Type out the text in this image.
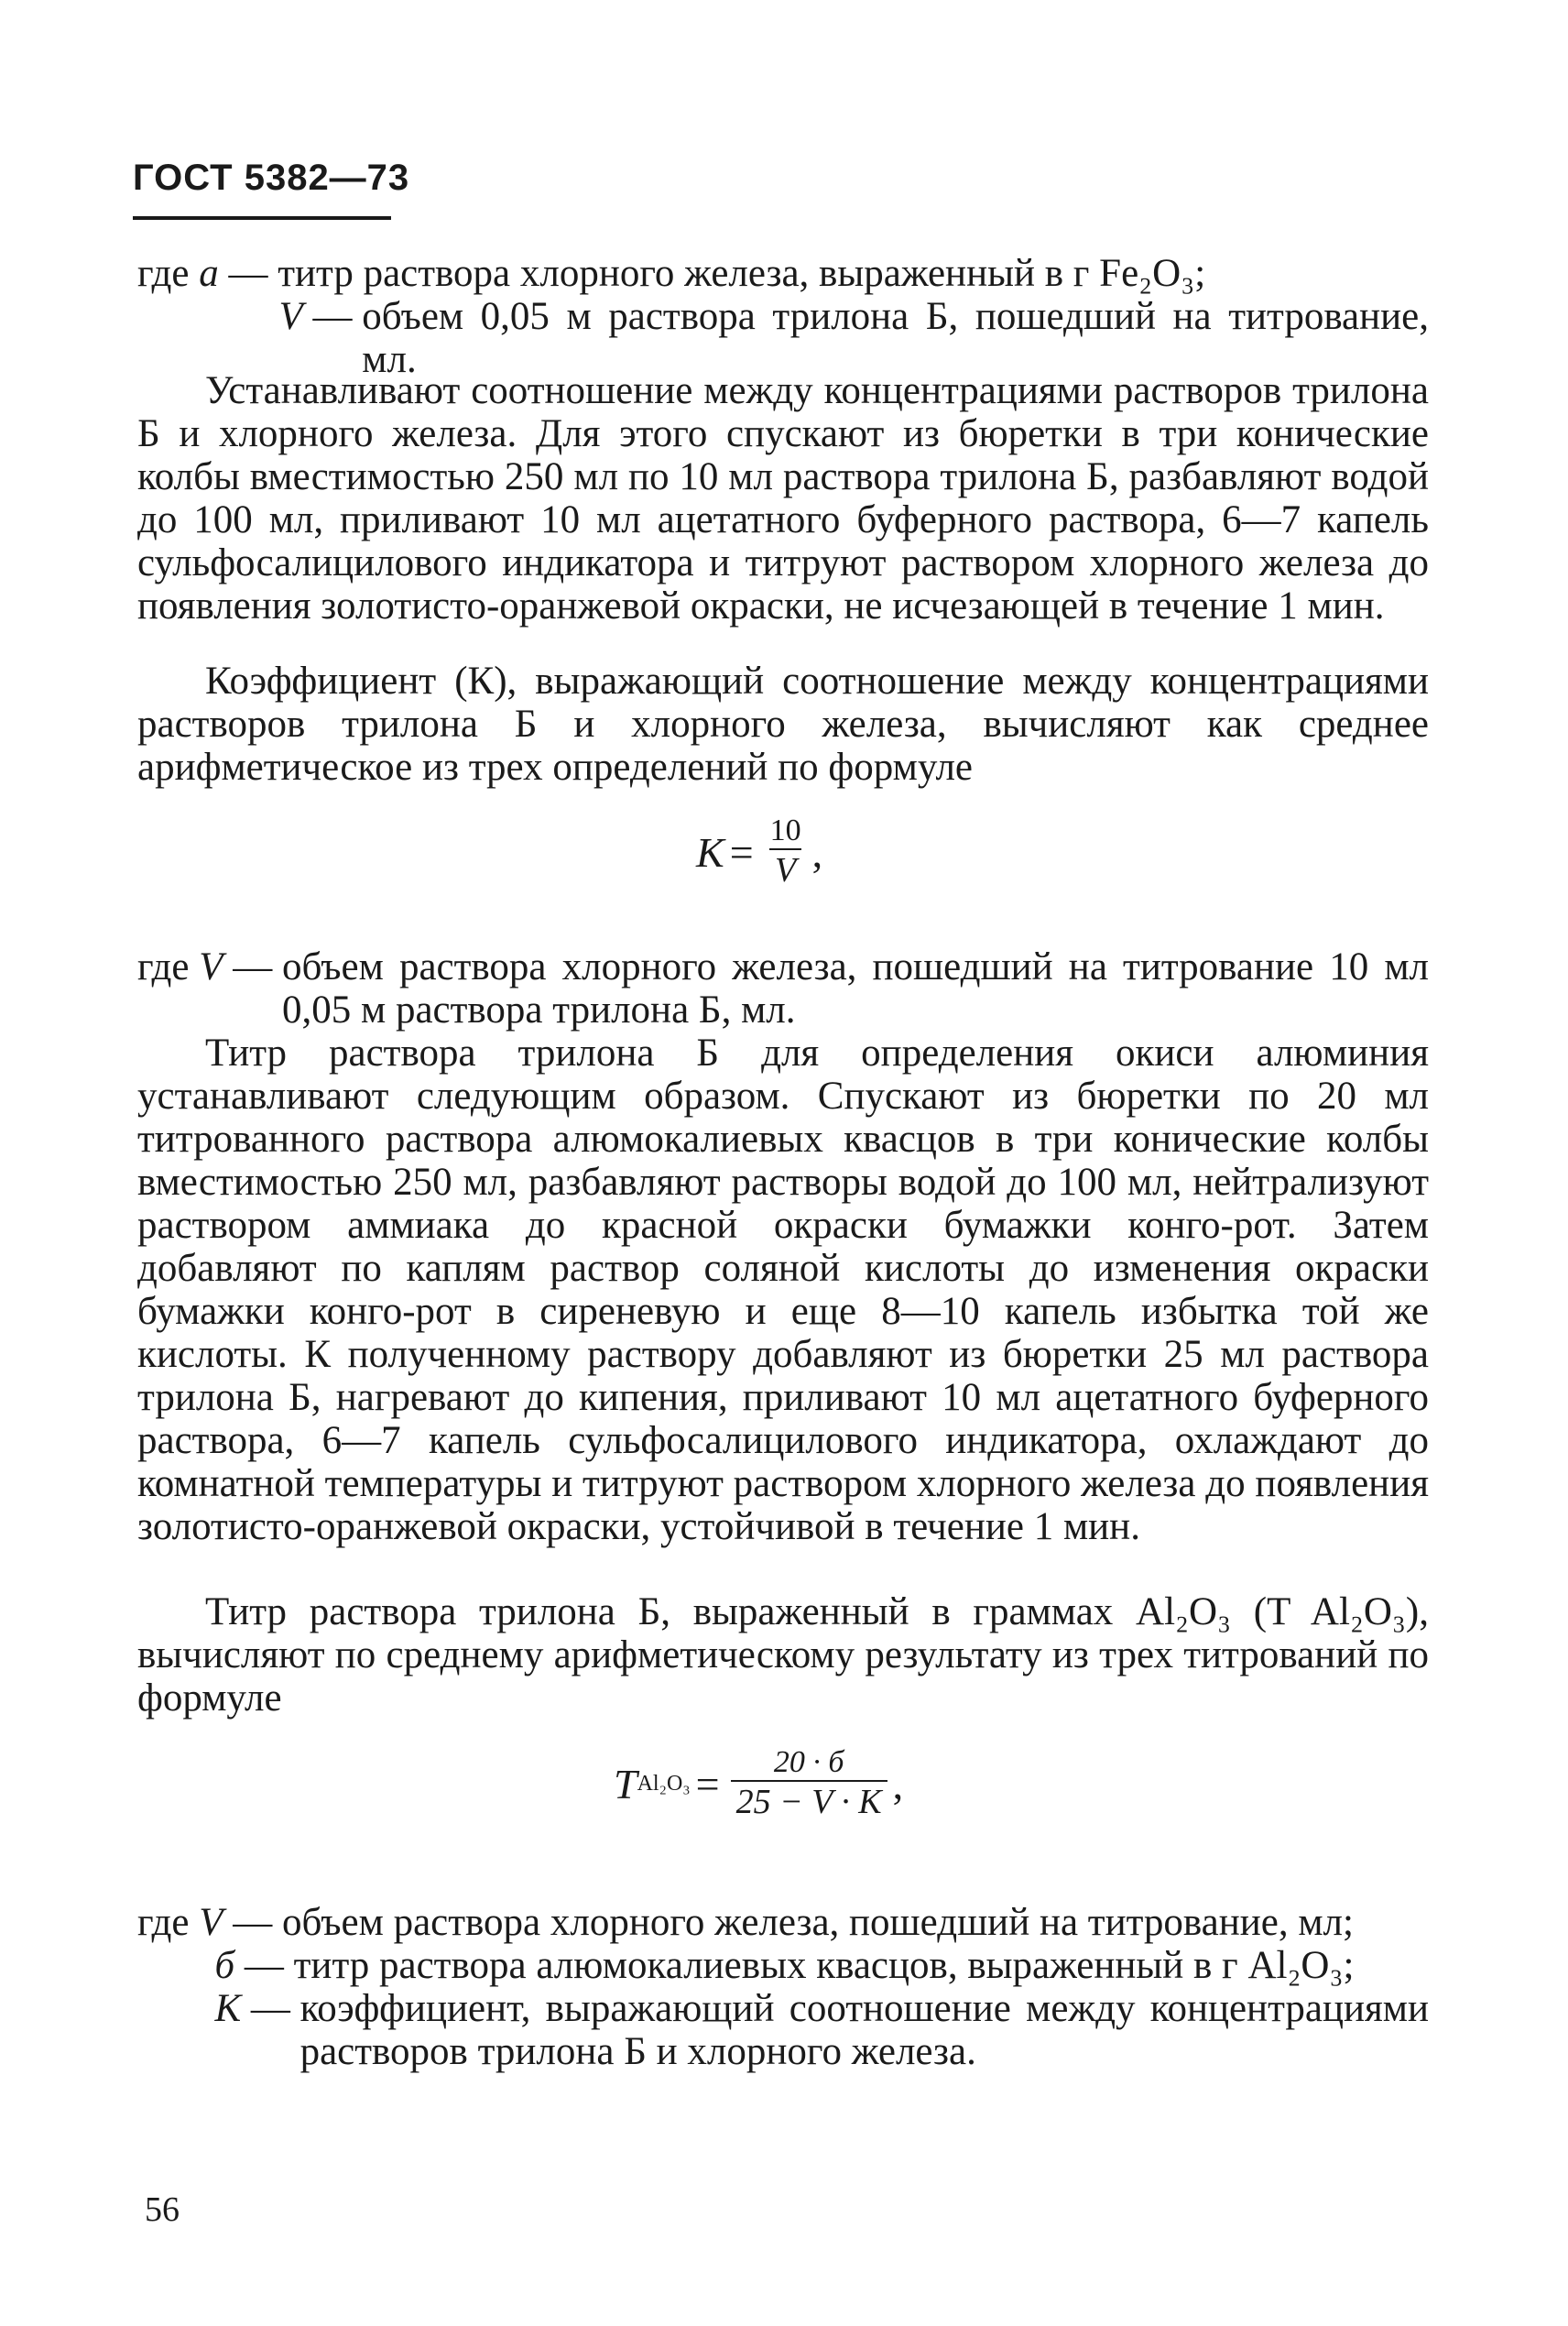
ГОСТ 5382—73
где a — титр раствора хлорного железа, выраженный в г Fe₂O₃;

V — объем 0,05 м раствора трилона Б, пошедший на титрование, мл.

Устанавливают соотношение между концентрациями растворов трилона Б и хлорного железа. Для этого спускают из бюретки в три конические колбы вместимостью 250 мл по 10 мл раствора трилона Б, разбавляют водой до 100 мл, приливают 10 мл ацетатного буферного раствора, 6—7 капель сульфосалицилового индикатора и титруют раствором хлорного железа до появления золотисто-оранжевой окраски, не исчезающей в течение 1 мин.

Коэффициент (К), выражающий соотношение между концентрациями растворов трилона Б и хлорного железа, вычисляют как среднее арифметическое из трех определений по формуле

$K = \frac{10}{V}$ ,
где V — объем раствора хлорного железа, пошедший на титрование 10 мл 0,05 м раствора трилона Б, мл.

Титр раствора трилона Б для определения окиси алюминия устанавливают следующим образом. Спускают из бюретки по 20 мл титрованного раствора алюмокалиевых квасцов в три конические колбы вместимостью 250 мл, разбавляют растворы водой до 100 мл, нейтрализуют раствором аммиака до красной окраски бумажки конго-рот. Затем добавляют по каплям раствор соляной кислоты до изменения окраски бумажки конго-рот в сиреневую и еще 8—10 капель избытка той же кислоты. К полученному раствору добавляют из бюретки 25 мл раствора трилона Б, нагревают до кипения, приливают 10 мл ацетатного буферного раствора, 6—7 капель сульфосалицилового индикатора, охлаждают до комнатной температуры и титруют раствором хлорного железа до появления золотисто-оранжевой окраски, устойчивой в течение 1 мин.

Титр раствора трилона Б, выраженный в граммах Al₂O₃ (T Al₂O₃), вычисляют по среднему арифметическому результату из трех титрований по формуле

T $Al_2O_3 = \frac{20 \cdot б}{25 - V \cdot K}$ ,
где V — объем раствора хлорного железа, пошедший на титрование, мл;

б — титр раствора алюмокалиевых квасцов, выраженный в г Al₂O₃;

К — коэффициент, выражающий соотношение между концентрациями растворов трилона Б и хлорного железа.
56
